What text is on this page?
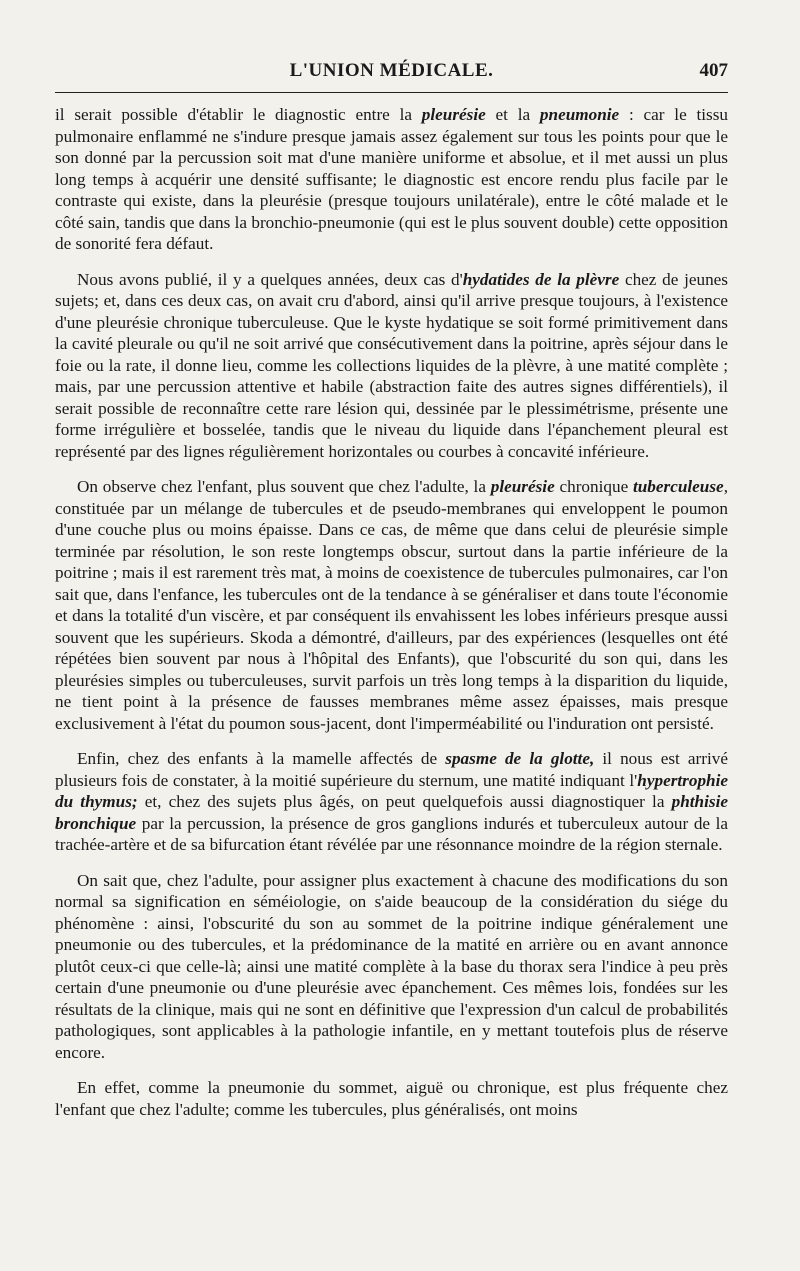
L'UNION MÉDICALE.	407

il serait possible d'établir le diagnostic entre la pleurésie et la pneumonie : car le tissu pulmonaire enflammé ne s'indure presque jamais assez également sur tous les points pour que le son donné par la percussion soit mat d'une manière uniforme et absolue, et il met aussi un plus long temps à acquérir une densité suffisante; le diagnostic est encore rendu plus facile par le contraste qui existe, dans la pleurésie (presque toujours unilatérale), entre le côté malade et le côté sain, tandis que dans la bronchio-pneumonie (qui est le plus souvent double) cette opposition de sonorité fera défaut.

Nous avons publié, il y a quelques années, deux cas d'hydatides de la plèvre chez de jeunes sujets; et, dans ces deux cas, on avait cru d'abord, ainsi qu'il arrive presque toujours, à l'existence d'une pleurésie chronique tuberculeuse. Que le kyste hydatique se soit formé primitivement dans la cavité pleurale ou qu'il ne soit arrivé que consécutivement dans la poitrine, après séjour dans le foie ou la rate, il donne lieu, comme les collections liquides de la plèvre, à une matité complète ; mais, par une percussion attentive et habile (abstraction faite des autres signes différentiels), il serait possible de reconnaître cette rare lésion qui, dessinée par le plessimétrisme, présente une forme irrégulière et bosselée, tandis que le niveau du liquide dans l'épanchement pleural est représenté par des lignes régulièrement horizontales ou courbes à concavité inférieure.

On observe chez l'enfant, plus souvent que chez l'adulte, la pleurésie chronique tuberculeuse, constituée par un mélange de tubercules et de pseudo-membranes qui enveloppent le poumon d'une couche plus ou moins épaisse. Dans ce cas, de même que dans celui de pleurésie simple terminée par résolution, le son reste longtemps obscur, surtout dans la partie inférieure de la poitrine ; mais il est rarement très mat, à moins de coexistence de tubercules pulmonaires, car l'on sait que, dans l'enfance, les tubercules ont de la tendance à se généraliser et dans toute l'économie et dans la totalité d'un viscère, et par conséquent ils envahissent les lobes inférieurs presque aussi souvent que les supérieurs. Skoda a démontré, d'ailleurs, par des expériences (lesquelles ont été répétées bien souvent par nous à l'hôpital des Enfants), que l'obscurité du son qui, dans les pleurésies simples ou tuberculeuses, survit parfois un très long temps à la disparition du liquide, ne tient point à la présence de fausses membranes même assez épaisses, mais presque exclusivement à l'état du poumon sous-jacent, dont l'imperméabilité ou l'induration ont persisté.

Enfin, chez des enfants à la mamelle affectés de spasme de la glotte, il nous est arrivé plusieurs fois de constater, à la moitié supérieure du sternum, une matité indiquant l'hypertrophie du thymus; et, chez des sujets plus âgés, on peut quelquefois aussi diagnostiquer la phthisie bronchique par la percussion, la présence de gros ganglions indurés et tuberculeux autour de la trachée-artère et de sa bifurcation étant révélée par une résonnance moindre de la région sternale.

On sait que, chez l'adulte, pour assigner plus exactement à chacune des modifications du son normal sa signification en séméiologie, on s'aide beaucoup de la considération du siége du phénomène : ainsi, l'obscurité du son au sommet de la poitrine indique généralement une pneumonie ou des tubercules, et la prédominance de la matité en arrière ou en avant annonce plutôt ceux-ci que celle-là; ainsi une matité complète à la base du thorax sera l'indice à peu près certain d'une pneumonie ou d'une pleurésie avec épanchement. Ces mêmes lois, fondées sur les résultats de la clinique, mais qui ne sont en définitive que l'expression d'un calcul de probabilités pathologiques, sont applicables à la pathologie infantile, en y mettant toutefois plus de réserve encore.

En effet, comme la pneumonie du sommet, aiguë ou chronique, est plus fréquente chez l'enfant que chez l'adulte; comme les tubercules, plus généralisés, ont moins
